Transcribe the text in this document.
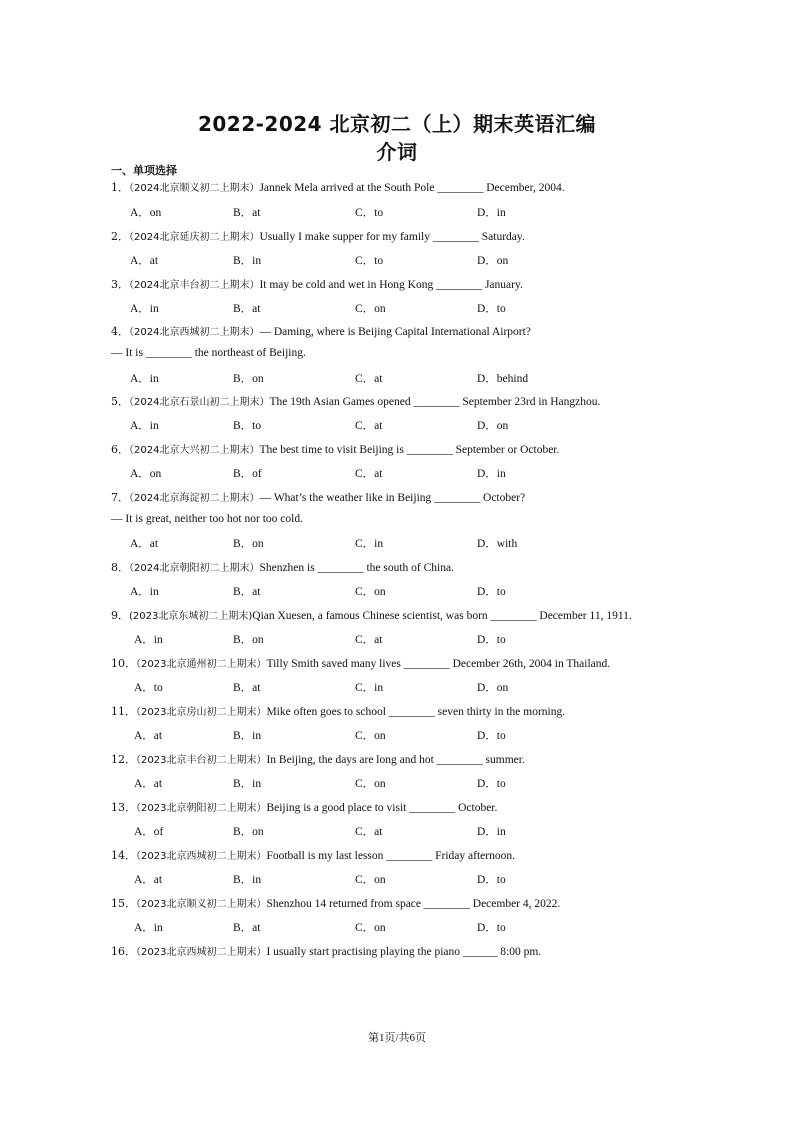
2022-2024 北京初二（上）期末英语汇编
介词
一、单项选择
1．（2024北京顺义初二上期末）Jannek Mela arrived at the South Pole ________ December, 2004.
A．on	B．at	C．to	D．in
2．（2024北京延庆初二上期末）Usually I make supper for my family ________ Saturday.
A．at	B．in	C．to	D．on
3．（2024北京丰台初二上期末）It may be cold and wet in Hong Kong ________ January.
A．in	B．at	C．on	D．to
4．（2024北京西城初二上期末）— Daming, where is Beijing Capital International Airport?
— It is ________ the northeast of Beijing.
A．in	B．on	C．at	D．behind
5．（2024北京石景山初二上期末）The 19th Asian Games opened ________ September 23rd in Hangzhou.
A．in	B．to	C．at	D．on
6．（2024北京大兴初二上期末）The best time to visit Beijing is ________ September or October.
A．on	B．of	C．at	D．in
7．（2024北京海淀初二上期末）— What’s the weather like in Beijing ________ October?
— It is great, neither too hot nor too cold.
A．at	B．on	C．in	D．with
8．（2024北京朝阳初二上期末）Shenzhen is ________ the south of China.
A．in	B．at	C．on	D．to
9．(2023北京东城初二上期末)Qian Xuesen, a famous Chinese scientist, was born ________ December 11, 1911.
A．in	B．on	C．at	D．to
10．（2023北京通州初二上期末）Tilly Smith saved many lives ________ December 26th, 2004 in Thailand.
A．to	B．at	C．in	D．on
11．（2023北京房山初二上期末）Mike often goes to school ________ seven thirty in the morning.
A．at	B．in	C．on	D．to
12．（2023北京丰台初二上期末）In Beijing, the days are long and hot ________ summer.
A．at	B．in	C．on	D．to
13．（2023北京朝阳初二上期末）Beijing is a good place to visit ________ October.
A．of	B．on	C．at	D．in
14．（2023北京西城初二上期末）Football is my last lesson ________ Friday afternoon.
A．at	B．in	C．on	D．to
15．（2023北京顺义初二上期末）Shenzhou 14 returned from space ________ December 4, 2022.
A．in	B．at	C．on	D．to
16．（2023北京西城初二上期末）I usually start practising playing the piano ______ 8:00 pm.
第1页/共6页
